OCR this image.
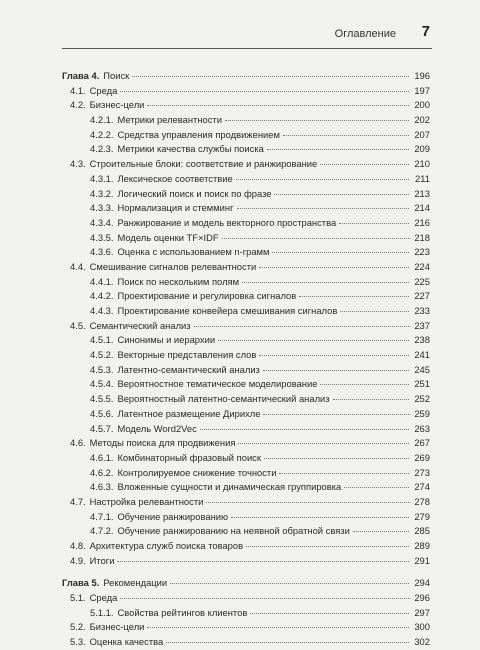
Оглавление 7
Глава 4. Поиск	196
4.1. Среда	197
4.2. Бизнес-цели	200
4.2.1. Метрики релевантности	202
4.2.2. Средства управления продвижением	207
4.2.3. Метрики качества службы поиска	209
4.3. Строительные блоки: соответствие и ранжирование	210
4.3.1. Лексическое соответствие	211
4.3.2. Логический поиск и поиск по фразе	213
4.3.3. Нормализация и стемминг	214
4.3.4. Ранжирование и модель векторного пространства	216
4.3.5. Модель оценки TF×IDF	218
4.3.6. Оценка с использованием n-грамм	223
4.4. Смешивание сигналов релевантности	224
4.4.1. Поиск по нескольким полям	225
4.4.2. Проектирование и регулировка сигналов	227
4.4.3. Проектирование конвейера смешивания сигналов	233
4.5. Семантический анализ	237
4.5.1. Синонимы и иерархии	238
4.5.2. Векторные представления слов	241
4.5.3. Латентно-семантический анализ	245
4.5.4. Вероятностное тематическое моделирование	251
4.5.5. Вероятностный латентно-семантический анализ	252
4.5.6. Латентное размещение Дирихле	259
4.5.7. Модель Word2Vec	263
4.6. Методы поиска для продвижения	267
4.6.1. Комбинаторный фразовый поиск	269
4.6.2. Контролируемое снижение точности	273
4.6.3. Вложенные сущности и динамическая группировка	274
4.7. Настройка релевантности	278
4.7.1. Обучение ранжированию	279
4.7.2. Обучение ранжированию на неявной обратной связи	285
4.8. Архитектура служб поиска товаров	289
4.9. Итоги	291
Глава 5. Рекомендации	294
5.1. Среда	296
5.1.1. Свойства рейтингов клиентов	297
5.2. Бизнес-цели	300
5.3. Оценка качества	302
